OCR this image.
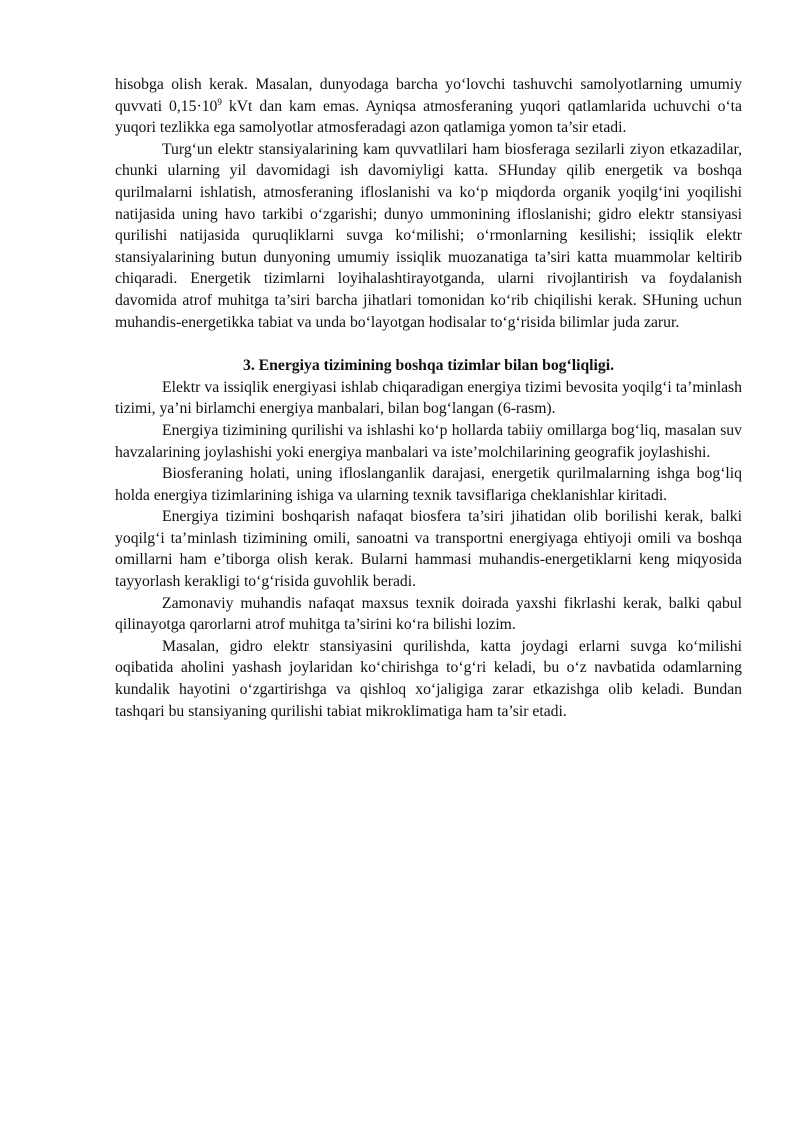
hisobga olish kerak. Masalan, dunyodaga barcha yo‘lovchi tashuvchi samolyotlarning umumiy quvvati $0,15\cdot 10^9$ kVt dan kam emas. Ayniqsa atmosferaning yuqori qatlamlarida uchuvchi o‘ta yuqori tezlikka ega samolyotlar atmosferadagi azon qatlamiga yomon ta’sir etadi.

Turg‘un elektr stansiyalarining kam quvvatlilari ham biosferaga sezilarli ziyon etkazadilar, chunki ularning yil davomidagi ish davomiyligi katta. SHunday qilib energetik va boshqa qurilmalarni ishlatish, atmosferaning ifloslanishi va ko‘p miqdorda organik yoqilg‘ini yoqilishi natijasida uning havo tarkibi o‘zgarishi; dunyo ummonining ifloslanishi; gidro elektr stansiyasi qurilishi natijasida quruqliklarni suvga ko‘milishi; o‘rmonlarning kesilishi; issiqlik elektr stansiyalarining butun dunyoning umumiy issiqlik muozanatiga ta’siri katta muammolar keltirib chiqaradi. Energetik tizimlarni loyihalashtirayotganda, ularni rivojlantirish va foydalanish davomida atrof muhitga ta’siri barcha jihatlari tomonidan ko‘rib chiqilishi kerak. SHuning uchun muhandis-energetikka tabiat va unda bo‘layotgan hodisalar to‘g‘risida bilimlar juda zarur.

3. Energiya tizimining boshqa tizimlar bilan bog‘liqligi.

Elektr va issiqlik energiyasi ishlab chiqaradigan energiya tizimi bevosita yoqilg‘i ta’minlash tizimi, ya’ni birlamchi energiya manbalari, bilan bog‘langan (6-rasm).

Energiya tizimining qurilishi va ishlashi ko‘p hollarda tabiiy omillarga bog‘liq, masalan suv havzalarining joylashishi yoki energiya manbalari va iste’molchilarining geografik joylashishi.

Biosferaning holati, uning ifloslanganlik darajasi, energetik qurilmalarning ishga bog‘liq holda energiya tizimlarining ishiga va ularning texnik tavsiflariga cheklanishlar kiritadi.

Energiya tizimini boshqarish nafaqat biosfera ta’siri jihatidan olib borilishi kerak, balki yoqilg‘i ta’minlash tizimining omili, sanoatni va transportni energiyaga ehtiyoji omili va boshqa omillarni ham e’tiborga olish kerak. Bularni hammasi muhandis-energetiklarni keng miqyosida tayyorlash kerakligi to‘g‘risida guvohlik beradi.

Zamonaviy muhandis nafaqat maxsus texnik doirada yaxshi fikrlashi kerak, balki qabul qilinayotga qarorlarni atrof muhitga ta’sirini ko‘ra bilishi lozim.

Masalan, gidro elektr stansiyasini qurilishda, katta joydagi erlarni suvga ko‘milishi oqibatida aholini yashash joylaridan ko‘chirishga to‘g‘ri keladi, bu o‘z navbatida odamlarning kundalik hayotini o‘zgartirishga va qishloq xo‘jaligiga zarar etkazishga olib keladi. Bundan tashqari bu stansiyaning qurilishi tabiat mikroklimatiga ham ta’sir etadi.
